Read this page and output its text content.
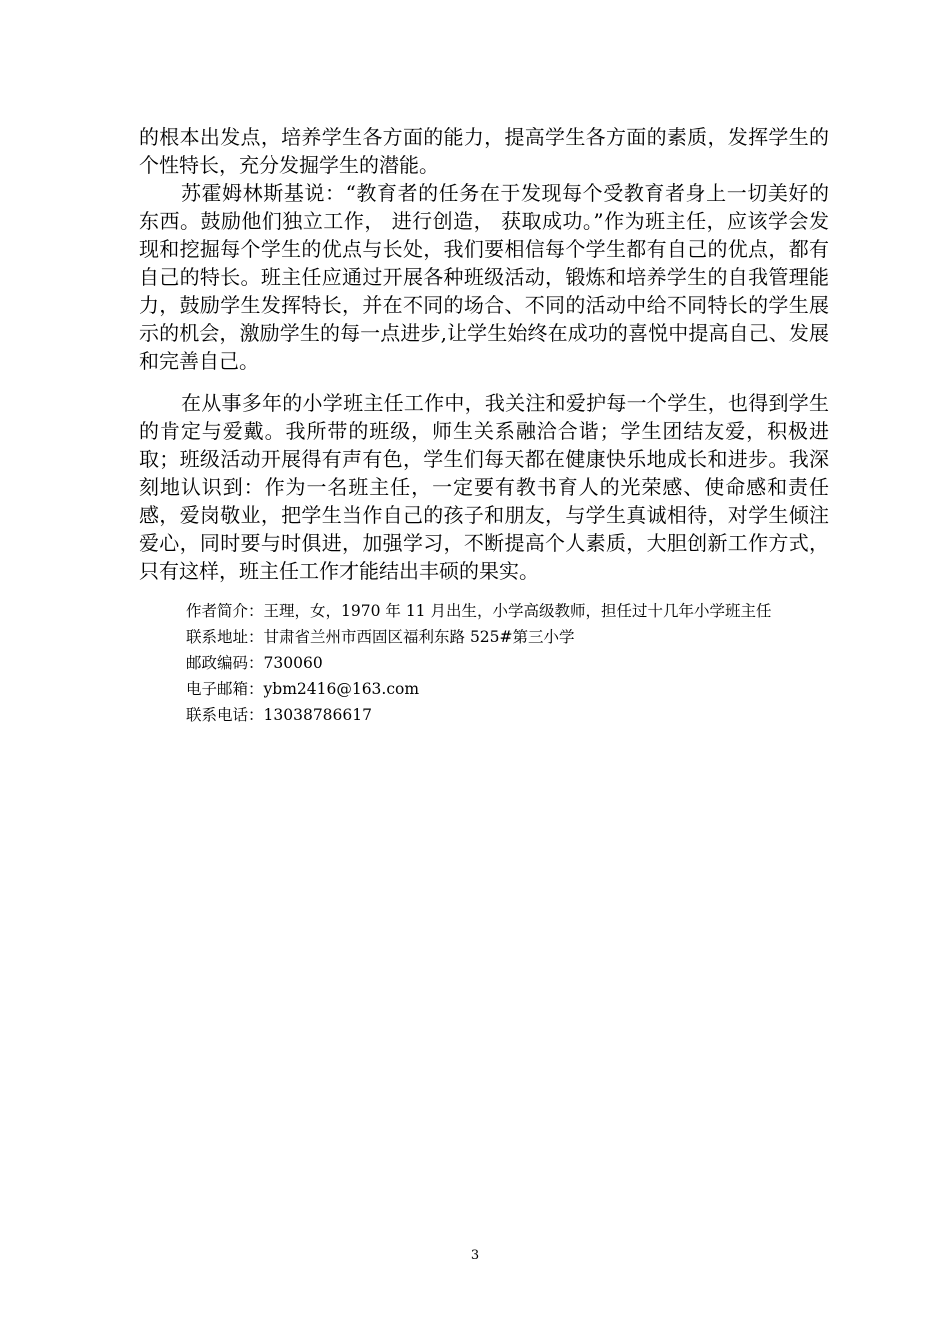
的根本出发点，培养学生各方面的能力，提高学生各方面的素质，发挥学生的个性特长，充分发掘学生的潜能。

苏霍姆林斯基说：“教育者的任务在于发现每个受教育者身上一切美好的东西。鼓励他们独立工作， 进行创造， 获取成功。”作为班主任，应该学会发现和挖掘每个学生的优点与长处，我们要相信每个学生都有自己的优点，都有自己的特长。班主任应通过开展各种班级活动，锻炼和培养学生的自我管理能力，鼓励学生发挥特长，并在不同的场合、不同的活动中给不同特长的学生展示的机会，激励学生的每一点进步,让学生始终在成功的喜悦中提高自己、发展和完善自己。

在从事多年的小学班主任工作中，我关注和爱护每一个学生，也得到学生的肯定与爱戴。我所带的班级，师生关系融洽合谐；学生团结友爱，积极进取；班级活动开展得有声有色，学生们每天都在健康快乐地成长和进步。我深刻地认识到：作为一名班主任，一定要有教书育人的光荣感、使命感和责任感，爱岗敬业，把学生当作自己的孩子和朋友，与学生真诚相待，对学生倾注爱心，同时要与时俱进，加强学习，不断提高个人素质，大胆创新工作方式，只有这样，班主任工作才能结出丰硕的果实。

作者简介： 王理，女，1970 年 11 月出生，小学高级教师，担任过十几年小学班主任
联系地址： 甘肃省兰州市西固区福利东路 525#第三小学
邮政编码： 730060
电子邮箱： ybm2416@163.com
联系电话： 13038786617
3
